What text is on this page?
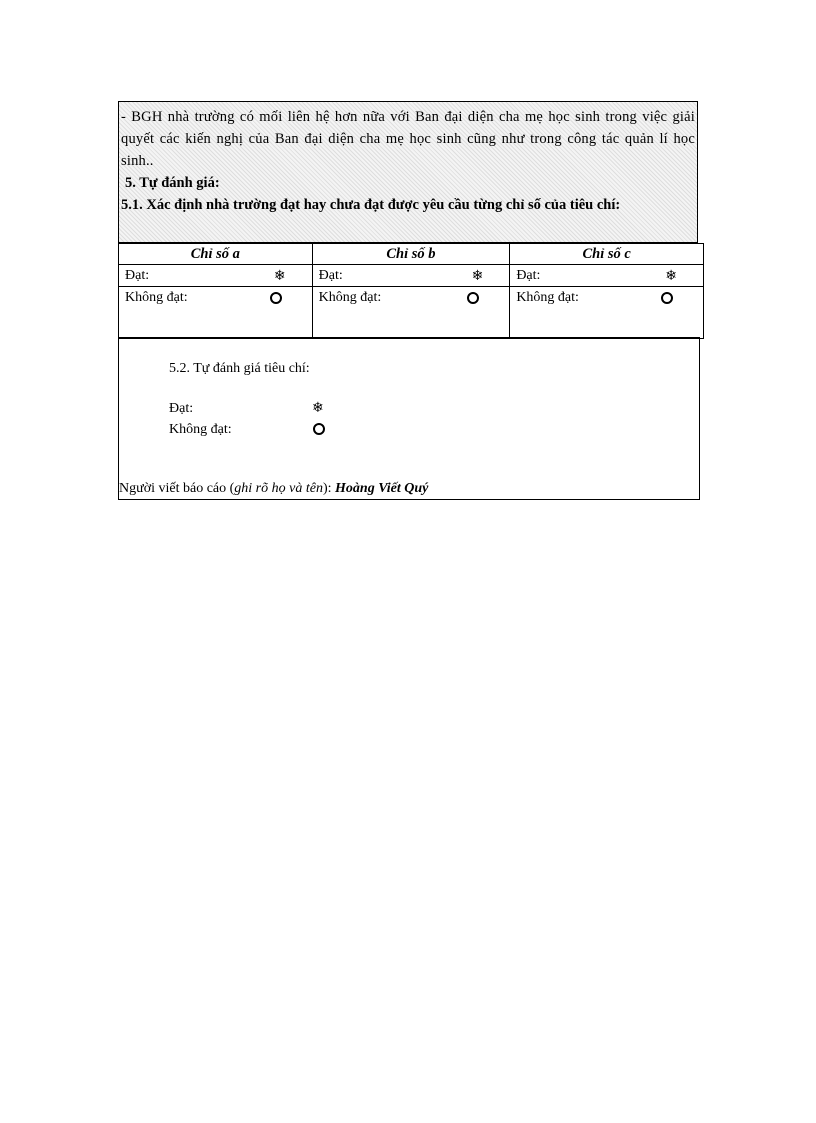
- BGH nhà trường có mối liên hệ hơn nữa với Ban đại diện cha mẹ học sinh trong việc giải quyết các kiến nghị của Ban đại diện cha mẹ học sinh cũng như trong công tác quản lí học sinh..
5. Tự đánh giá:
5.1. Xác định nhà trường đạt hay chưa đạt được yêu cầu từng chỉ số của tiêu chí:
Chỉ số a	Chỉ số b	Chỉ số c

Đạt: ❄	Đạt: ❄	Đạt: ❄

Không đạt:	Không đạt:	Không đạt:
5.2. Tự đánh giá tiêu chí:
Đạt:	❄
Không đạt:
Người viết báo cáo (ghi rõ họ và tên): Hoàng Viết Quý
